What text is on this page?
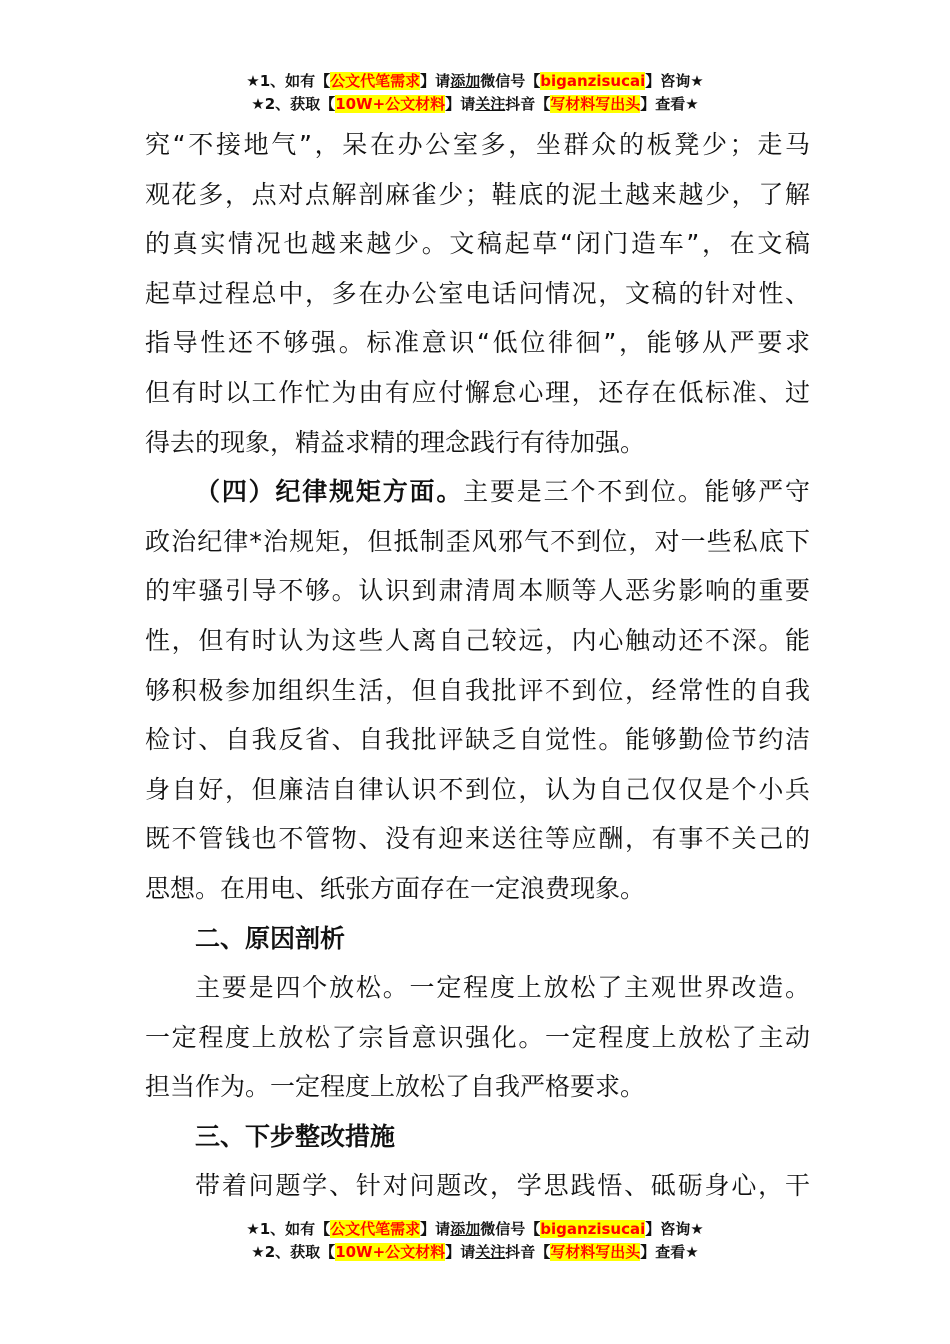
★1、如有【公文代笔需求】请添加微信号【biganzisucai】咨询★
★2、获取【10W+公文材料】请关注抖音【写材料写出头】查看★

究“不接地气”，呆在办公室多，坐群众的板凳少；走马

观花多，点对点解剖麻雀少；鞋底的泥土越来越少，了解

的真实情况也越来越少。文稿起草“闭门造车”，在文稿

起草过程总中，多在办公室电话问情况，文稿的针对性、

指导性还不够强。标准意识“低位徘徊”，能够从严要求

但有时以工作忙为由有应付懈怠心理，还存在低标准、过

得去的现象，精益求精的理念践行有待加强。

（四）纪律规矩方面。主要是三个不到位。能够严守

政治纪律*治规矩，但抵制歪风邪气不到位，对一些私底下

的牢骚引导不够。认识到肃清周本顺等人恶劣影响的重要

性，但有时认为这些人离自己较远，内心触动还不深。能

够积极参加组织生活，但自我批评不到位，经常性的自我

检讨、自我反省、自我批评缺乏自觉性。能够勤俭节约洁

身自好，但廉洁自律认识不到位，认为自己仅仅是个小兵

既不管钱也不管物、没有迎来送往等应酬，有事不关己的

思想。在用电、纸张方面存在一定浪费现象。

二、原因剖析

主要是四个放松。一定程度上放松了主观世界改造。

一定程度上放松了宗旨意识强化。一定程度上放松了主动

担当作为。一定程度上放松了自我严格要求。

三、下步整改措施

带着问题学、针对问题改，学思践悟、砥砺身心，干

★1、如有【公文代笔需求】请添加微信号【biganzisucai】咨询★
★2、获取【10W+公文材料】请关注抖音【写材料写出头】查看★
